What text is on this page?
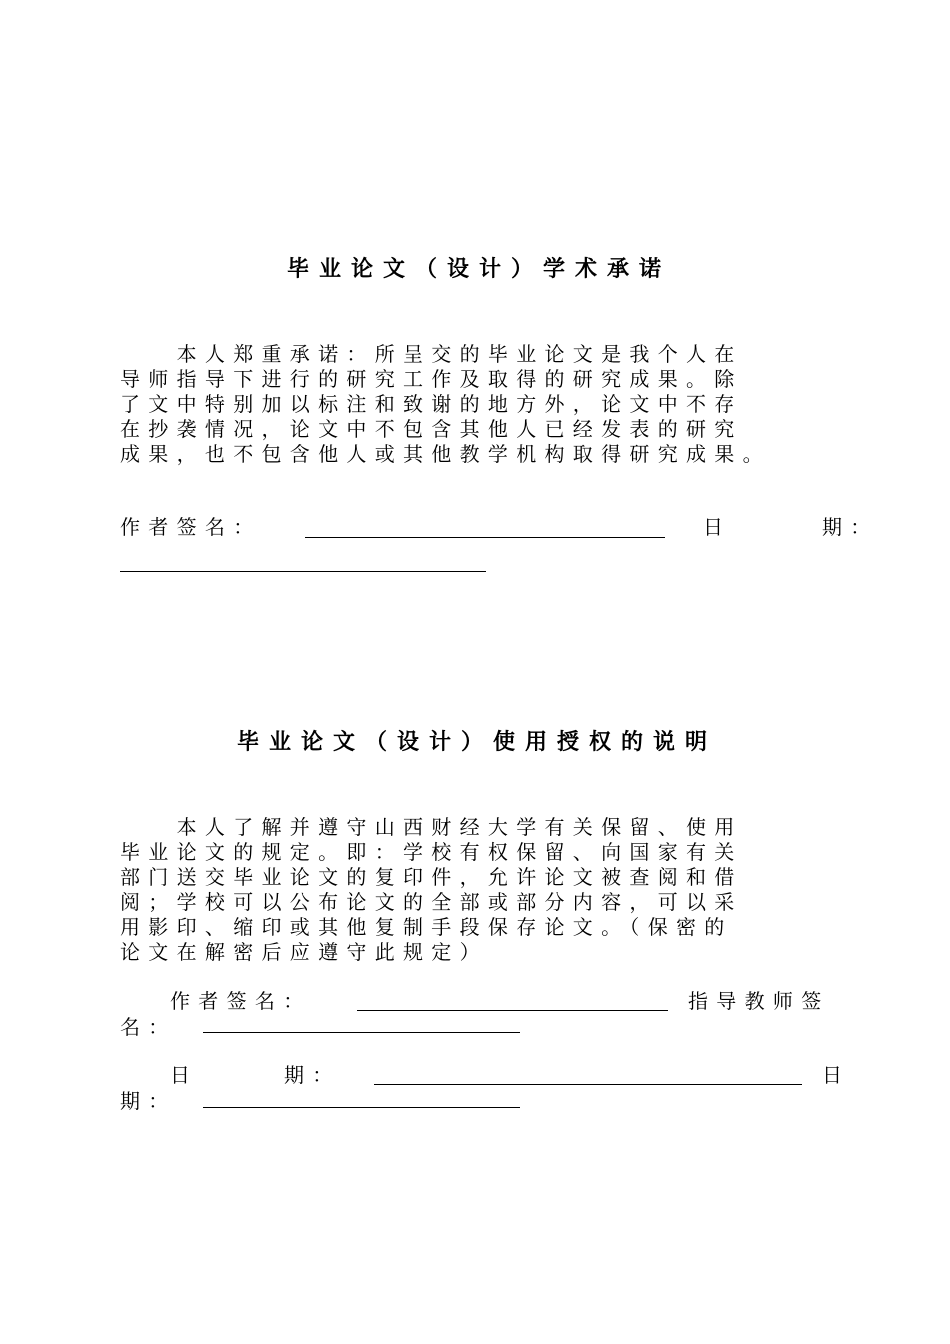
毕业论文（设计）学术承诺
　　本人郑重承诺：所呈交的毕业论文是我个人在
导师指导下进行的研究工作及取得的研究成果。除
了文中特别加以标注和致谢的地方外，论文中不存
在抄袭情况，论文中不包含其他人已经发表的研究
成果，也不包含他人或其他教学机构取得研究成果。
作者签名：	日	期：
毕业论文（设计）使用授权的说明
　　本人了解并遵守山西财经大学有关保留、使用
毕业论文的规定。即：学校有权保留、向国家有关
部门送交毕业论文的复印件，允许论文被查阅和借
阅；学校可以公布论文的全部或部分内容，可以采
用影印、缩印或其他复制手段保存论文。（保密的
论文在解密后应遵守此规定）
作者签名：	指导教师签
名：
日	期：	日
期：
